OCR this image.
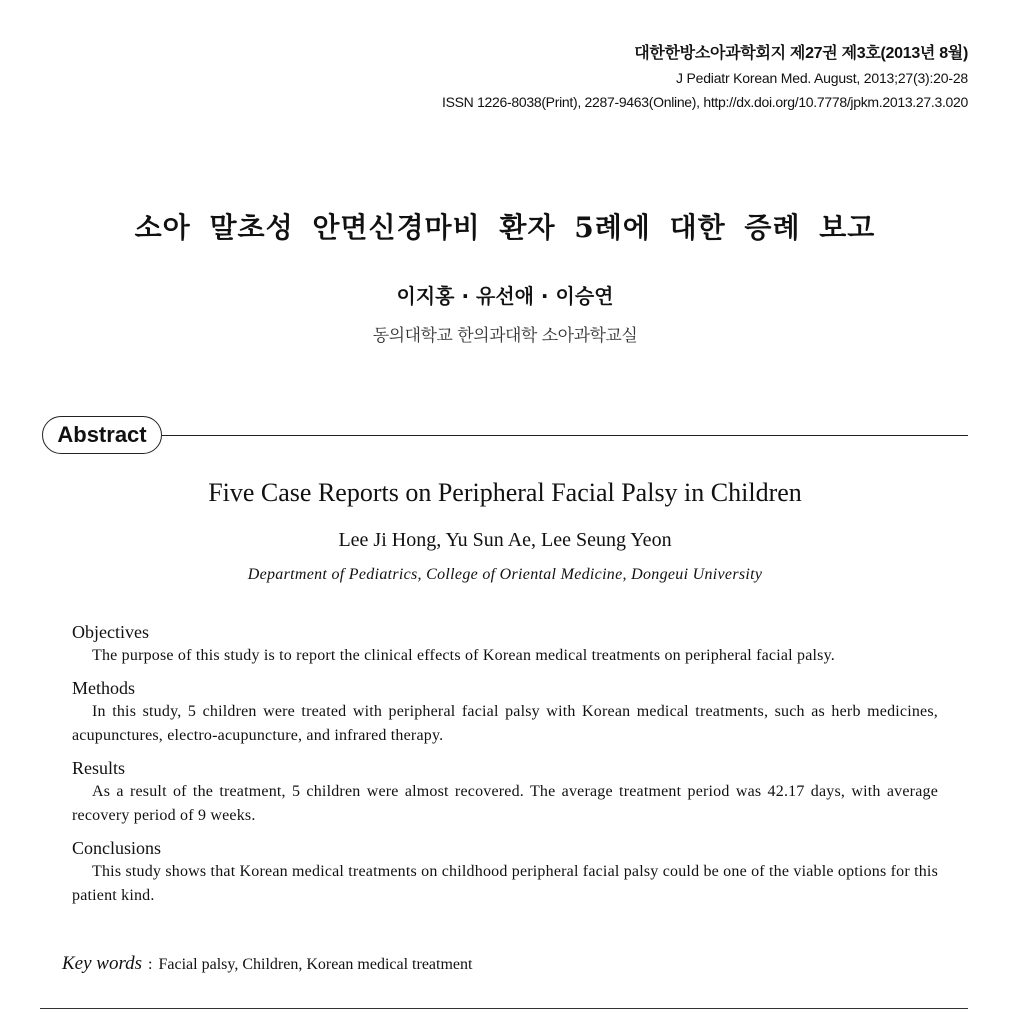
대한한방소아과학회지 제27권 제3호(2013년 8월)
J Pediatr Korean Med. August, 2013;27(3):20-28
ISSN 1226-8038(Print), 2287-9463(Online), http://dx.doi.org/10.7778/jpkm.2013.27.3.020
소아 말초성 안면신경마비 환자 5례에 대한 증례 보고
이지홍 · 유선애 · 이승연
동의대학교 한의과대학 소아과학교실
Abstract
Five Case Reports on Peripheral Facial Palsy in Children
Lee Ji Hong, Yu Sun Ae, Lee Seung Yeon
Department of Pediatrics, College of Oriental Medicine, Dongeui University

Objectives

The purpose of this study is to report the clinical effects of Korean medical treatments on peripheral facial palsy.

Methods

In this study, 5 children were treated with peripheral facial palsy with Korean medical treatments, such as herb medicines, acupunctures, electro-acupuncture, and infrared therapy.

Results

As a result of the treatment, 5 children were almost recovered. The average treatment period was 42.17 days, with average recovery period of 9 weeks.

Conclusions

This study shows that Korean medical treatments on childhood peripheral facial palsy could be one of the viable options for this patient kind.

Key words : Facial palsy, Children, Korean medical treatment
